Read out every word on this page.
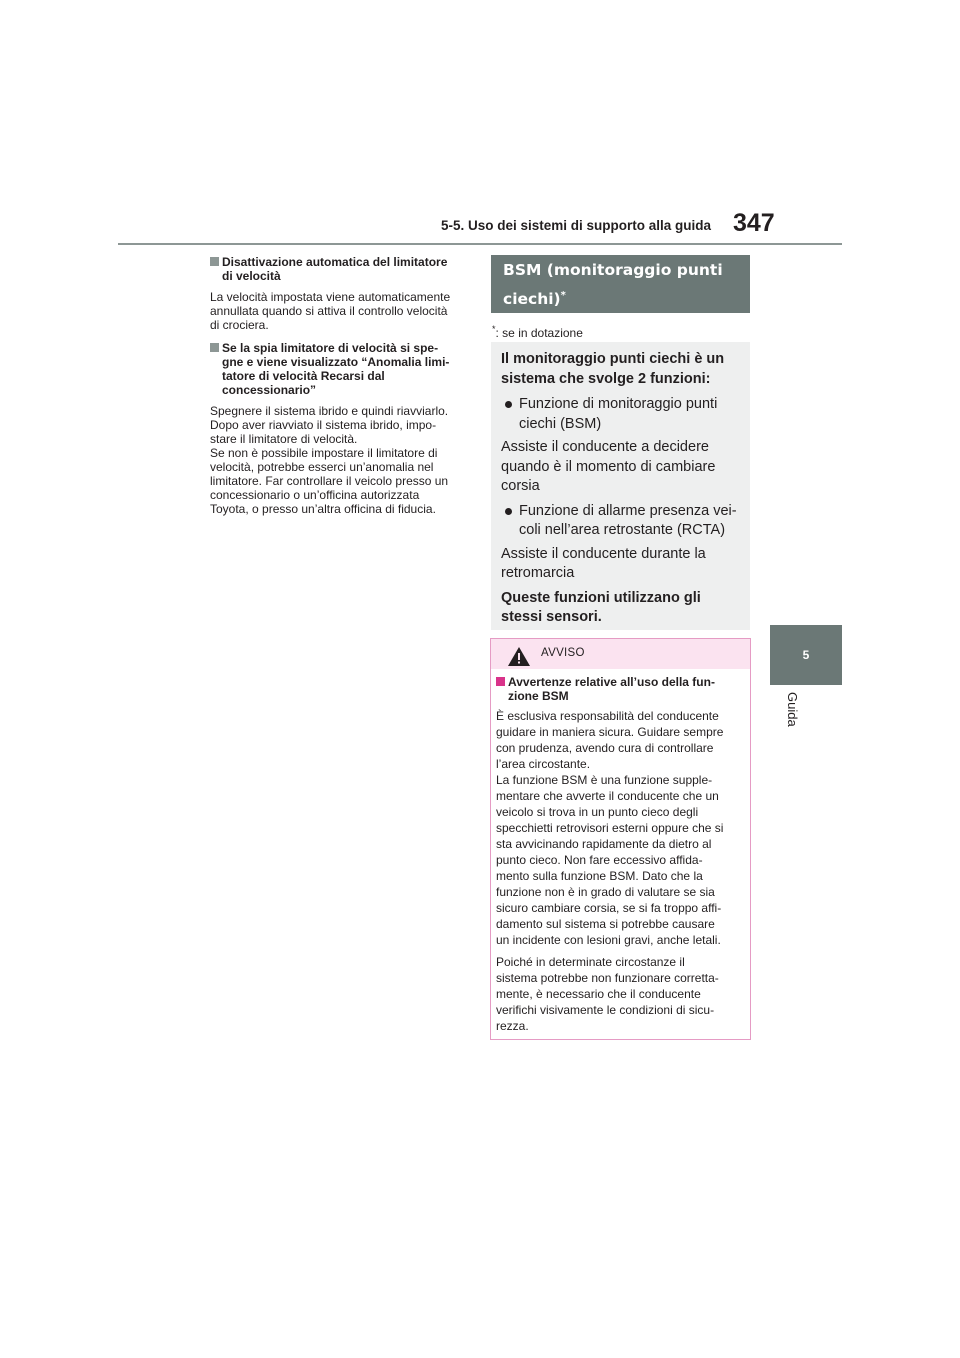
5-5. Uso dei sistemi di supporto alla guida 347
5
Guida
Disattivazione automatica del limitatore
di velocità
La velocità impostata viene automaticamente
annullata quando si attiva il controllo velocità
di crociera.
Se la spia limitatore di velocità si spe-
gne e viene visualizzato “Anomalia limi-
tatore di velocità Recarsi dal
concessionario”
Spegnere il sistema ibrido e quindi riavviarlo.
Dopo aver riavviato il sistema ibrido, impo-
stare il limitatore di velocità.
Se non è possibile impostare il limitatore di
velocità, potrebbe esserci un’anomalia nel
limitatore. Far controllare il veicolo presso un
concessionario o un’officina autorizzata
Toyota, o presso un’altra officina di fiducia.
BSM (monitoraggio punti
ciechi)*
*: se in dotazione
Il monitoraggio punti ciechi è un
sistema che svolge 2 funzioni:
Funzione di monitoraggio punti
ciechi (BSM)
Assiste il conducente a decidere
quando è il momento di cambiare
corsia
Funzione di allarme presenza vei-
coli nell’area retrostante (RCTA)
Assiste il conducente durante la
retromarcia
Queste funzioni utilizzano gli
stessi sensori.
AVVISO
Avvertenze relative all’uso della fun-
zione BSM
È esclusiva responsabilità del conducente
guidare in maniera sicura. Guidare sempre
con prudenza, avendo cura di controllare
l’area circostante.
La funzione BSM è una funzione supple-
mentare che avverte il conducente che un
veicolo si trova in un punto cieco degli
specchietti retrovisori esterni oppure che si
sta avvicinando rapidamente da dietro al
punto cieco. Non fare eccessivo affida-
mento sulla funzione BSM. Dato che la
funzione non è in grado di valutare se sia
sicuro cambiare corsia, se si fa troppo affi-
damento sul sistema si potrebbe causare
un incidente con lesioni gravi, anche letali.
Poiché in determinate circostanze il
sistema potrebbe non funzionare corretta-
mente, è necessario che il conducente
verifichi visivamente le condizioni di sicu-
rezza.
